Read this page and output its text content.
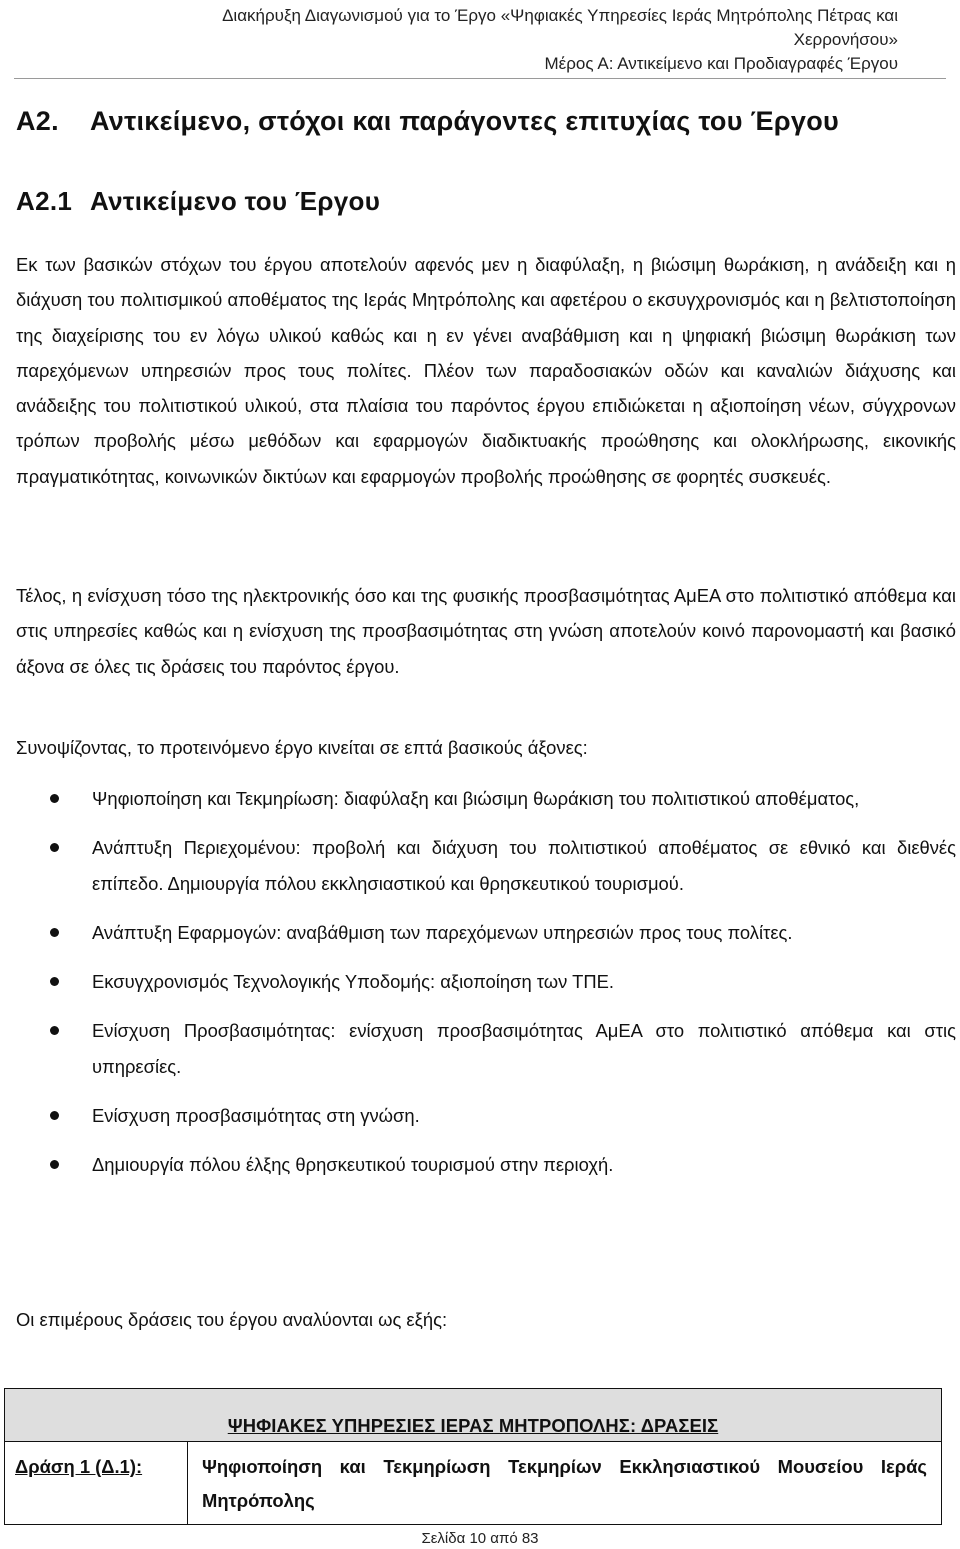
Διακήρυξη Διαγωνισμού για το Έργο «Ψηφιακές Υπηρεσίες Ιεράς Μητρόπολης Πέτρας και
Χερρονήσου»
Μέρος Α: Αντικείμενο και Προδιαγραφές Έργου
Α2. Αντικείμενο, στόχοι και παράγοντες επιτυχίας του Έργου
Α2.1 Αντικείμενο του Έργου
Εκ των βασικών στόχων του έργου αποτελούν αφενός μεν η διαφύλαξη, η βιώσιμη θωράκιση, η ανάδειξη και η διάχυση του πολιτισμικού αποθέματος της Ιεράς Μητρόπολης και αφετέρου ο εκσυγχρονισμός και η βελτιστοποίηση της διαχείρισης του εν λόγω υλικού καθώς και η εν γένει αναβάθμιση και η ψηφιακή βιώσιμη θωράκιση των παρεχόμενων υπηρεσιών προς τους πολίτες. Πλέον των παραδοσιακών οδών και καναλιών διάχυσης και ανάδειξης του πολιτιστικού υλικού, στα πλαίσια του παρόντος έργου επιδιώκεται η αξιοποίηση νέων, σύγχρονων τρόπων προβολής μέσω μεθόδων και εφαρμογών διαδικτυακής προώθησης και ολοκλήρωσης, εικονικής πραγματικότητας, κοινωνικών δικτύων και εφαρμογών προβολής προώθησης σε φορητές συσκευές.
Τέλος, η ενίσχυση τόσο της ηλεκτρονικής όσο και της φυσικής προσβασιμότητας ΑμΕΑ στο πολιτιστικό απόθεμα και στις υπηρεσίες καθώς και η ενίσχυση της προσβασιμότητας στη γνώση αποτελούν κοινό παρονομαστή και βασικό άξονα σε όλες τις δράσεις του παρόντος έργου.
Συνοψίζοντας, το προτεινόμενο έργο κινείται σε επτά βασικούς άξονες:
Ψηφιοποίηση και Τεκμηρίωση: διαφύλαξη και βιώσιμη θωράκιση του πολιτιστικού αποθέματος,
Ανάπτυξη Περιεχομένου: προβολή και διάχυση του πολιτιστικού αποθέματος σε εθνικό και διεθνές επίπεδο. Δημιουργία πόλου εκκλησιαστικού και θρησκευτικού τουρισμού.
Ανάπτυξη Εφαρμογών: αναβάθμιση των παρεχόμενων υπηρεσιών προς τους πολίτες.
Εκσυγχρονισμός Τεχνολογικής Υποδομής: αξιοποίηση των ΤΠΕ.
Ενίσχυση Προσβασιμότητας: ενίσχυση προσβασιμότητας ΑμΕΑ στο πολιτιστικό απόθεμα και στις υπηρεσίες.
Ενίσχυση προσβασιμότητας στη γνώση.
Δημιουργία πόλου έλξης θρησκευτικού τουρισμού στην περιοχή.
Οι επιμέρους δράσεις του έργου αναλύονται ως εξής:
ΨΗΦΙΑΚΕΣ ΥΠΗΡΕΣΙΕΣ ΙΕΡΑΣ ΜΗΤΡΟΠΟΛΗΣ: ΔΡΑΣΕΙΣ
Δράση 1 (Δ.1):	Ψηφιοποίηση και Τεκμηρίωση Τεκμηρίων Εκκλησιαστικού Μουσείου Ιεράς Μητρόπολης
Σελίδα 10 από 83
